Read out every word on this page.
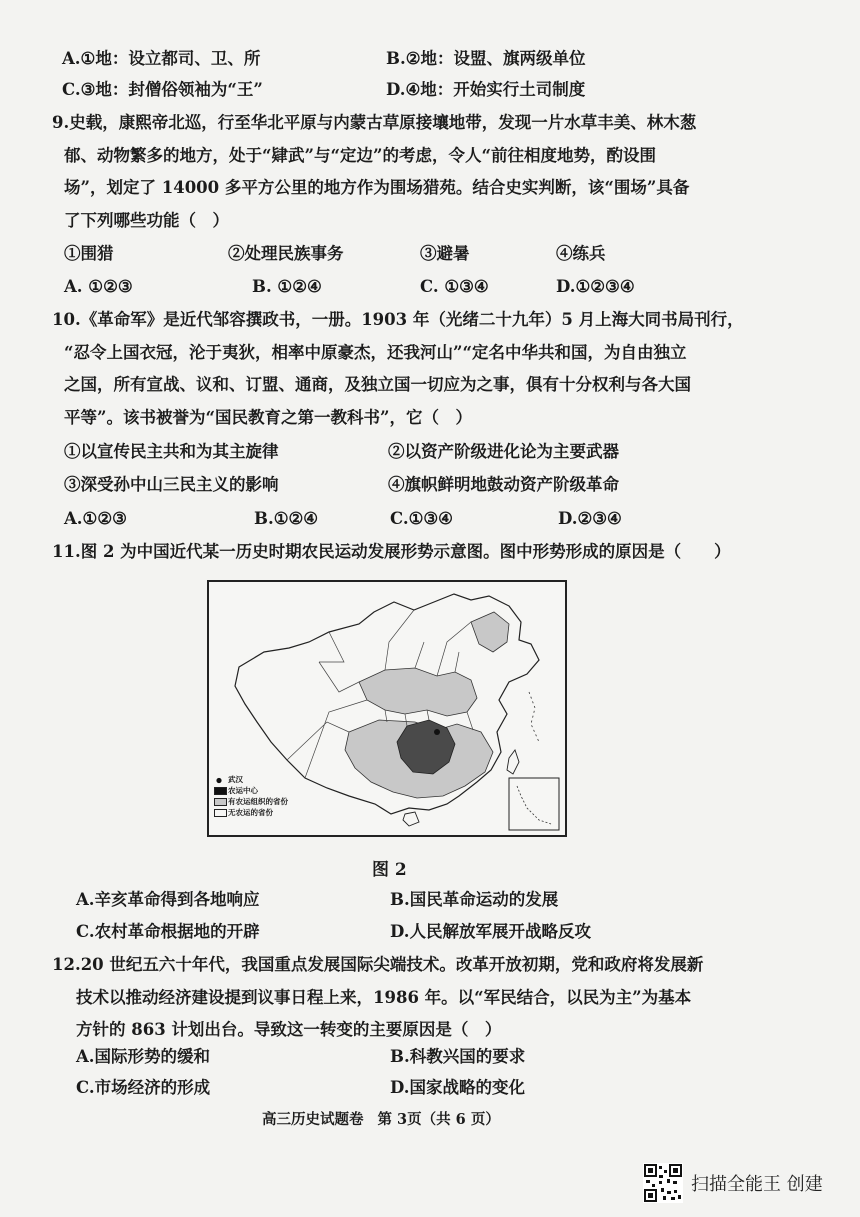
A.①地：设立都司、卫、所	B.②地：设盟、旗两级单位
C.③地：封僧俗领袖为“王”	D.④地：开始实行土司制度
9.史载，康熙帝北巡，行至华北平原与内蒙古草原接壤地带，发现一片水草丰美、林木葱
郁、动物繁多的地方，处于“肄武”与“定边”的考虑，令人“前往相度地势，酌设围
场”，划定了 14000 多平方公里的地方作为围场猎苑。结合史实判断，该“围场”具备
了下列哪些功能（　）
①围猎	②处理民族事务	③避暑	④练兵
A. ①②③	B. ①②④	C. ①③④	D.①②③④
10.《革命军》是近代邹容撰政书，一册。1903 年（光绪二十九年）5 月上海大同书局刊行，
“忍令上国衣冠，沦于夷狄，相率中原豪杰，还我河山”“定名中华共和国，为自由独立
之国，所有宣战、议和、订盟、通商，及独立国一切应为之事，俱有十分权利与各大国
平等”。该书被誉为“国民教育之第一教科书”，它（　）
①以宣传民主共和为其主旋律	②以资产阶级进化论为主要武器
③深受孙中山三民主义的影响	④旗帜鲜明地鼓动资产阶级革命
A.①②③	B.①②④	C.①③④	D.②③④
11.图 2 为中国近代某一历史时期农民运动发展形势示意图。图中形势形成的原因是（　　）
武汉
农运中心
有农运组织的省份
无农运的省份
图 2
A.辛亥革命得到各地响应	B.国民革命运动的发展
C.农村革命根据地的开辟	D.人民解放军展开战略反攻
12.20 世纪五六十年代，我国重点发展国际尖端技术。改革开放初期，党和政府将发展新
技术以推动经济建设提到议事日程上来，1986 年。以“军民结合，以民为主”为基本
方针的 863 计划出台。导致这一转变的主要原因是（　）
A.国际形势的缓和	B.科教兴国的要求
C.市场经济的形成	D.国家战略的变化
高三历史试题卷 第 3页（共 6 页）
扫描全能王 创建
